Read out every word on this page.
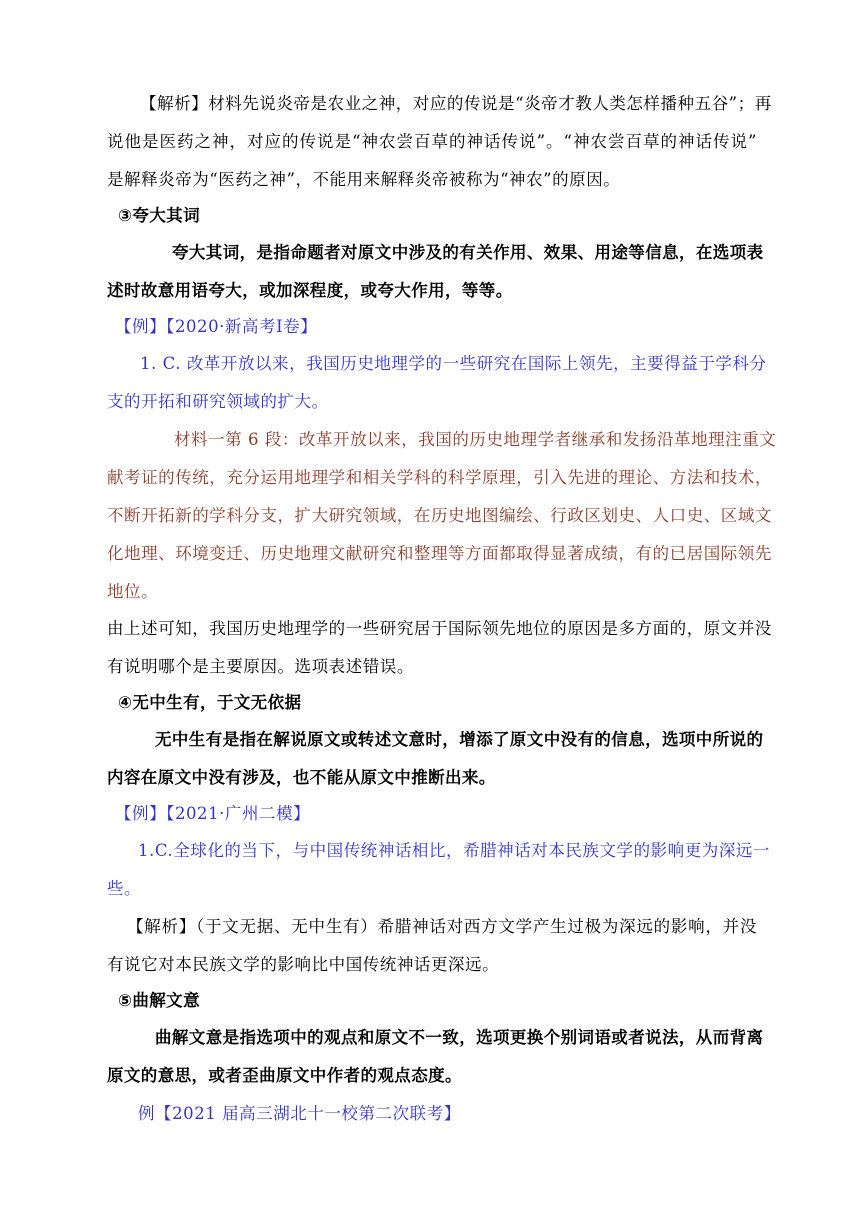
【解析】材料先说炎帝是农业之神，对应的传说是“炎帝才教人类怎样播种五谷”；再
说他是医药之神，对应的传说是“神农尝百草的神话传说”。“神农尝百草的神话传说”
是解释炎帝为“医药之神”，不能用来解释炎帝被称为“神农”的原因。
③夸大其词
夸大其词，是指命题者对原文中涉及的有关作用、效果、用途等信息，在选项表
述时故意用语夸大，或加深程度，或夸大作用，等等。
【例】【2020·新高考Ⅰ卷】
1. C. 改革开放以来，我国历史地理学的一些研究在国际上领先，主要得益于学科分
支的开拓和研究领域的扩大。
材料一第 6 段：改革开放以来，我国的历史地理学者继承和发扬沿革地理注重文
献考证的传统，充分运用地理学和相关学科的科学原理，引入先进的理论、方法和技术，
不断开拓新的学科分支，扩大研究领域，在历史地图编绘、行政区划史、人口史、区域文
化地理、环境变迁、历史地理文献研究和整理等方面都取得显著成绩，有的已居国际领先
地位。
由上述可知，我国历史地理学的一些研究居于国际领先地位的原因是多方面的，原文并没
有说明哪个是主要原因。选项表述错误。
④无中生有，于文无依据
无中生有是指在解说原文或转述文意时，增添了原文中没有的信息，选项中所说的
内容在原文中没有涉及，也不能从原文中推断出来。
【例】【2021·广州二模】
1.C.全球化的当下，与中国传统神话相比，希腊神话对本民族文学的影响更为深远一
些。
【解析】（于文无据、无中生有）希腊神话对西方文学产生过极为深远的影响，并没
有说它对本民族文学的影响比中国传统神话更深远。
⑤曲解文意
曲解文意是指选项中的观点和原文不一致，选项更换个别词语或者说法，从而背离
原文的意思，或者歪曲原文中作者的观点态度。
例【2021 届高三湖北十一校第二次联考】
